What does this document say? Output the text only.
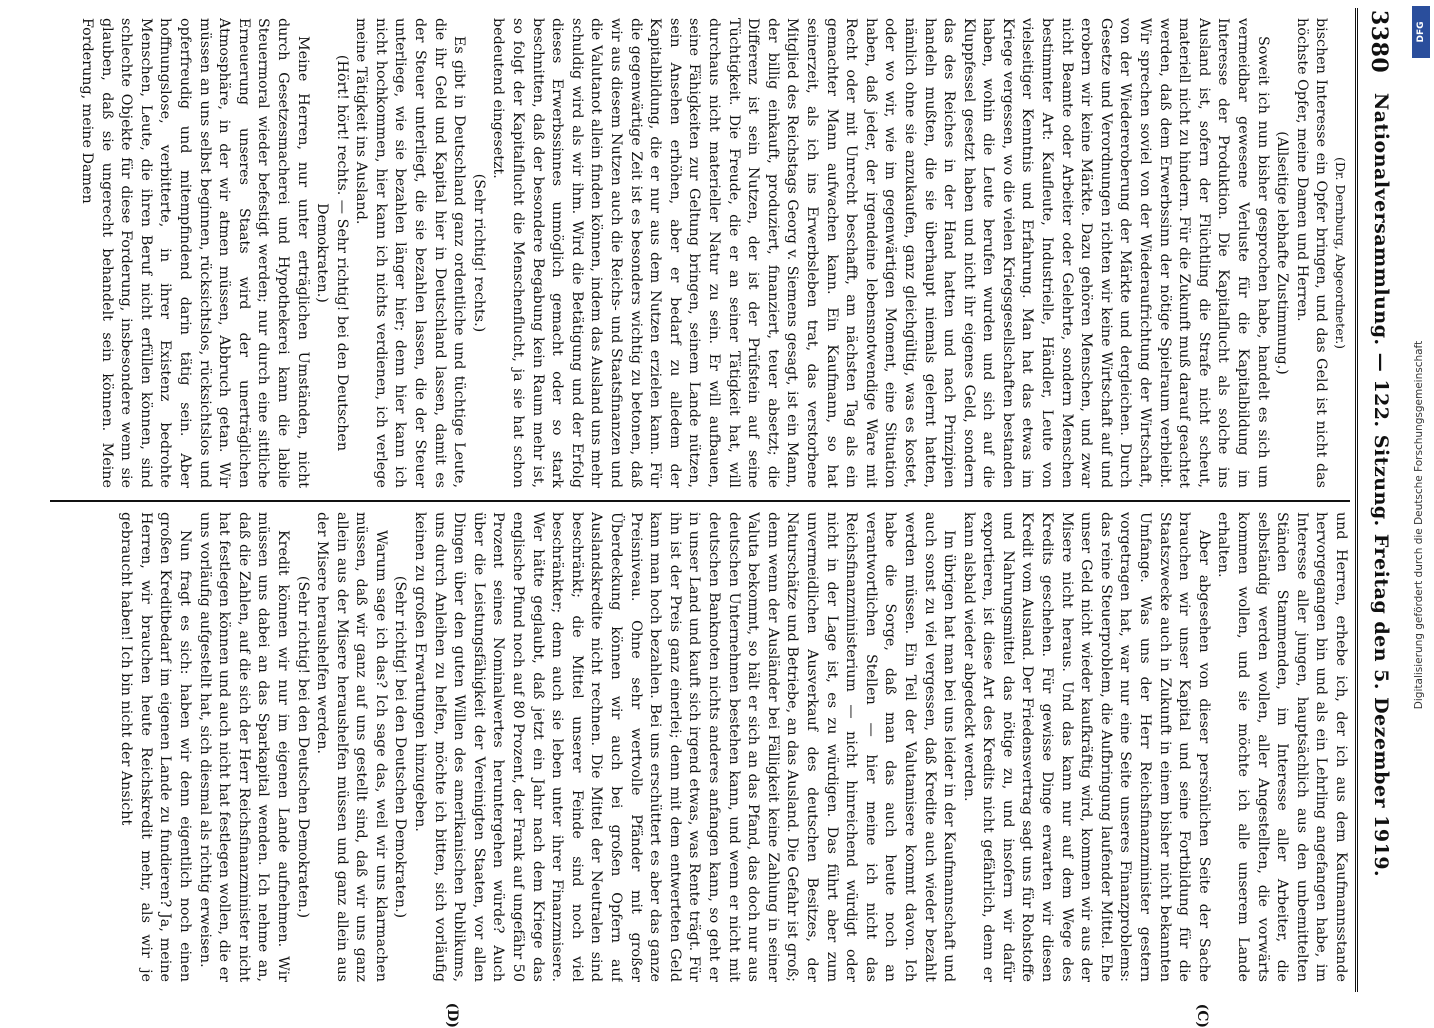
3380
Nationalversammlung. — 122. Sitzung. Freitag den 5. Dezember 1919.

(Dr. Dernburg, Abgeordneter.)

bischen Interesse ein Opfer bringen, und das Geld ist nicht das höchste Opfer, meine Damen und Herren.

(Allseitige lebhafte Zustimmung.)

Soweit ich nun bisher gesprochen habe, handelt es sich um vermeidbar gewesene Verluste für die Kapitalbildung im Interesse der Produktion. Die Kapitalflucht als solche ins Ausland ist, sofern der Flüchtling die Strafe nicht scheut, materiell nicht zu hindern. Für die Zukunft muß darauf geachtet werden, daß dem Erwerbssinn der nötige Spielraum verbleibt. Wir sprechen soviel von der Wiederaufrichtung der Wirtschaft, von der Wiedereroberung der Märkte und dergleichen. Durch Gesetze und Verordnungen richten wir keine Wirtschaft auf und erobern wir keine Märkte. Dazu gehören Menschen, und zwar nicht Beamte oder Arbeiter oder Gelehrte, sondern Menschen bestimmter Art: Kaufleute, Industrielle, Händler, Leute von vielseitiger Kenntnis und Erfahrung. Man hat das etwas im Kriege vergessen, wo die vielen Kriegsgesellschaften bestanden haben, wohin die Leute berufen wurden und sich auf die Kluppfessel gesetzt haben und nicht ihr eigenes Geld, sondern das des Reiches in der Hand hatten und nach Prinzipien handeln mußten, die sie überhaupt niemals gelernt hatten, nämlich ohne sie anzukaufen, ganz gleichgültig, was es kostet, oder wo wir, wie im gegenwärtigen Moment, eine Situation haben, daß jeder, der irgendeine lebensnotwendige Ware mit Recht oder mit Unrecht beschafft, am nächsten Tag als ein gemachter Mann aufwachen kann. Ein Kaufmann, so hat seinerzeit, als ich ins Erwerbsleben trat, das verstorbene Mitglied des Reichstags Georg v. Siemens gesagt, ist ein Mann, der billig einkauft, produziert, finanziert, teuer absetzt; die Differenz ist sein Nutzen, der ist der Prüfstein auf seine Tüchtigkeit. Die Freude, die er an seiner Tätigkeit hat, will durchaus nicht materieller Natur zu sein. Er will aufbauen, seine Fähigkeiten zur Geltung bringen, seinem Lande nützen, sein Ansehen erhöhen, aber er bedarf zu alledem der Kapitalbildung, die er nur aus dem Nutzen erzielen kann. Für die gegenwärtige Zeit ist es besonders wichtig zu betonen, daß wir aus diesem Nutzen auch die Reichs- und Staatsfinanzen und die Valutanot allein finden können, indem das Ausland uns mehr schuldig wird als wir ihm. Wird die Betätigung und der Erfolg dieses Erwerbssinnes unmöglich gemacht oder so stark beschnitten, daß der besondere Begabung kein Raum mehr ist, so folgt der Kapitalflucht die Menschenflucht, ja sie hat schon bedeutend eingesetzt.

(Sehr richtig! rechts.)

Es gibt in Deutschland ganz ordentliche und tüchtige Leute, die ihr Geld und Kapital hier in Deutschland lassen, damit es der Steuer unterliegt, die sie bezahlen lassen, die der Steuer unterliege, wie sie bezahlen länger hier; denn hier kann ich nicht hochkommen, hier kann ich nichts verdienen, ich verlege meine Tätigkeit ins Ausland.

(Hört! hört! rechts. — Sehr richtig! bei den Deutschen Demokraten.)

Meine Herren, nur unter erträglichen Umständen, nicht durch Gesetzesmacherei und Hypothekerei kann die labile Steuermoral wieder befestigt werden; nur durch eine sittliche Erneuerung unseres Staats wird der unerträglichen Atmosphäre, in der wir atmen müssen, Abbruch getan. Wir müssen an uns selbst beginnen, rücksichtslos, rücksichtslos und opferfreudig und mitempfindend darin tätig sein. Aber hoffnungslose, verbitterte, in ihrer Existenz bedrohte Menschen, Leute, die ihren Beruf nicht erfüllen können, sind schlechte Objekte für diese Forderung, insbesondere wenn sie glauben, daß sie ungerecht behandelt sein können. Meine Forderung, meine Damen

und Herren, erhebe ich, der ich aus dem Kaufmannsstande hervorgegangen bin und als ein Lehrling angefangen habe, im Interesse aller jungen, hauptsächlich aus den unbemittelten Ständen Stammenden, im Interesse aller Arbeiter, die selbständig werden wollen, aller Angestellten, die vorwärts kommen wollen, und sie möchte ich alle unserem Lande erhalten.

Aber abgesehen von dieser persönlichen Seite der Sache brauchen wir unser Kapital und seine Fortbildung für die Staatszwecke auch in Zukunft in einem bisher nicht bekannten Umfange. Was uns der Herr Reichsfinanzminister gestern vorgetragen hat, war nur eine Seite unseres Finanzproblems: das reine Steuerproblem, die Aufbringung laufender Mittel. Ehe unser Geld nicht wieder kaufkräftig wird, kommen wir aus der Misere nicht heraus. Und das kann nur auf dem Wege des Kredits geschehen. Für gewisse Dinge erwarten wir diesen Kredit vom Ausland. Der Friedensvertrag sagt uns für Rohstoffe und Nahrungsmittel das nötige zu, und insofern wir dafür exportieren, ist diese Art des Kredits nicht gefährlich, denn er kann alsbald wieder abgedeckt werden.

Im übrigen hat man bei uns leider in der Kaufmannschaft und auch sonst zu viel vergessen, daß Kredite auch wieder bezahlt werden müssen. Ein Teil der Valutamisere kommt davon. Ich habe die Sorge, daß man das auch heute noch an verantwortlichen Stellen — hier meine ich nicht das Reichsfinanzministerium — nicht hinreichend würdigt oder nicht in der Lage ist, es zu würdigen. Das führt aber zum unvermeidlichen Ausverkauf des deutschen Besitzes, der Naturschätze und Betriebe, an das Ausland. Die Gefahr ist groß; denn wenn der Ausländer bei Fälligkeit keine Zahlung in seiner Valuta bekommt, so hält er sich an das Pfand, das doch nur aus deutschen Unternehmen bestehen kann, und wenn er nicht mit deutschen Banknoten nichts anderes anfangen kann, so geht er in unser Land und kauft sich irgend etwas, was Rente trägt. Für ihn ist der Preis ganz einerlei; denn mit dem entwerteten Geld kann man hoch bezahlen. Bei uns erschüttert es aber das ganze Preisniveau. Ohne sehr wertvolle Pfänder mit großer Überdeckung können wir auch bei großen Opfern auf Auslandskredite nicht rechnen. Die Mittel der Neutralen sind beschränkt; die Mittel unserer Feinde sind noch viel beschränkter; denn auch sie leben unter ihrer Finanzmisere. Wer hätte geglaubt, daß jetzt ein Jahr nach dem Kriege das englische Pfund noch auf 80 Prozent, der Frank auf ungefähr 50 Prozent seines Nominalwertes heruntergehen würde? Auch über die Leistungsfähigkeit der Vereinigten Staaten, vor allen Dingen über den guten Willen des amerikanischen Publikums, uns durch Anleihen zu helfen, möchte ich bitten, sich vorläufig keinen zu großen Erwartungen hinzugeben.

(Sehr richtig! bei den Deutschen Demokraten.)

Warum sage ich das? Ich sage das, weil wir uns klarmachen müssen, daß wir ganz auf uns gestellt sind, daß wir uns ganz allein aus der Misere heraushelfen müssen und ganz allein aus der Misere heraushelfen werden.

(Sehr richtig! bei den Deutschen Demokraten.)

Kredit können wir nur im eigenen Lande aufnehmen. Wir müssen uns dabei an das Sparkapital wenden. Ich nehme an, daß die Zahlen, auf die sich der Herr Reichsfinanzminister nicht hat festlegen können und auch nicht hat festlegen wollen, die er uns vorläufig aufgestellt hat, sich diesmal als richtig erweisen.

Nun fragt es sich: haben wir denn eigentlich noch einen großen Kreditbedarf im eigenen Lande zu fundieren? Ja, meine Herren, wir brauchen heute Reichskredit mehr, als wir je gebraucht haben! Ich bin nicht der Ansicht

(C)
(D)
DFG
Digitalisierung gefördert durch die Deutsche Forschungsgemeinschaft
